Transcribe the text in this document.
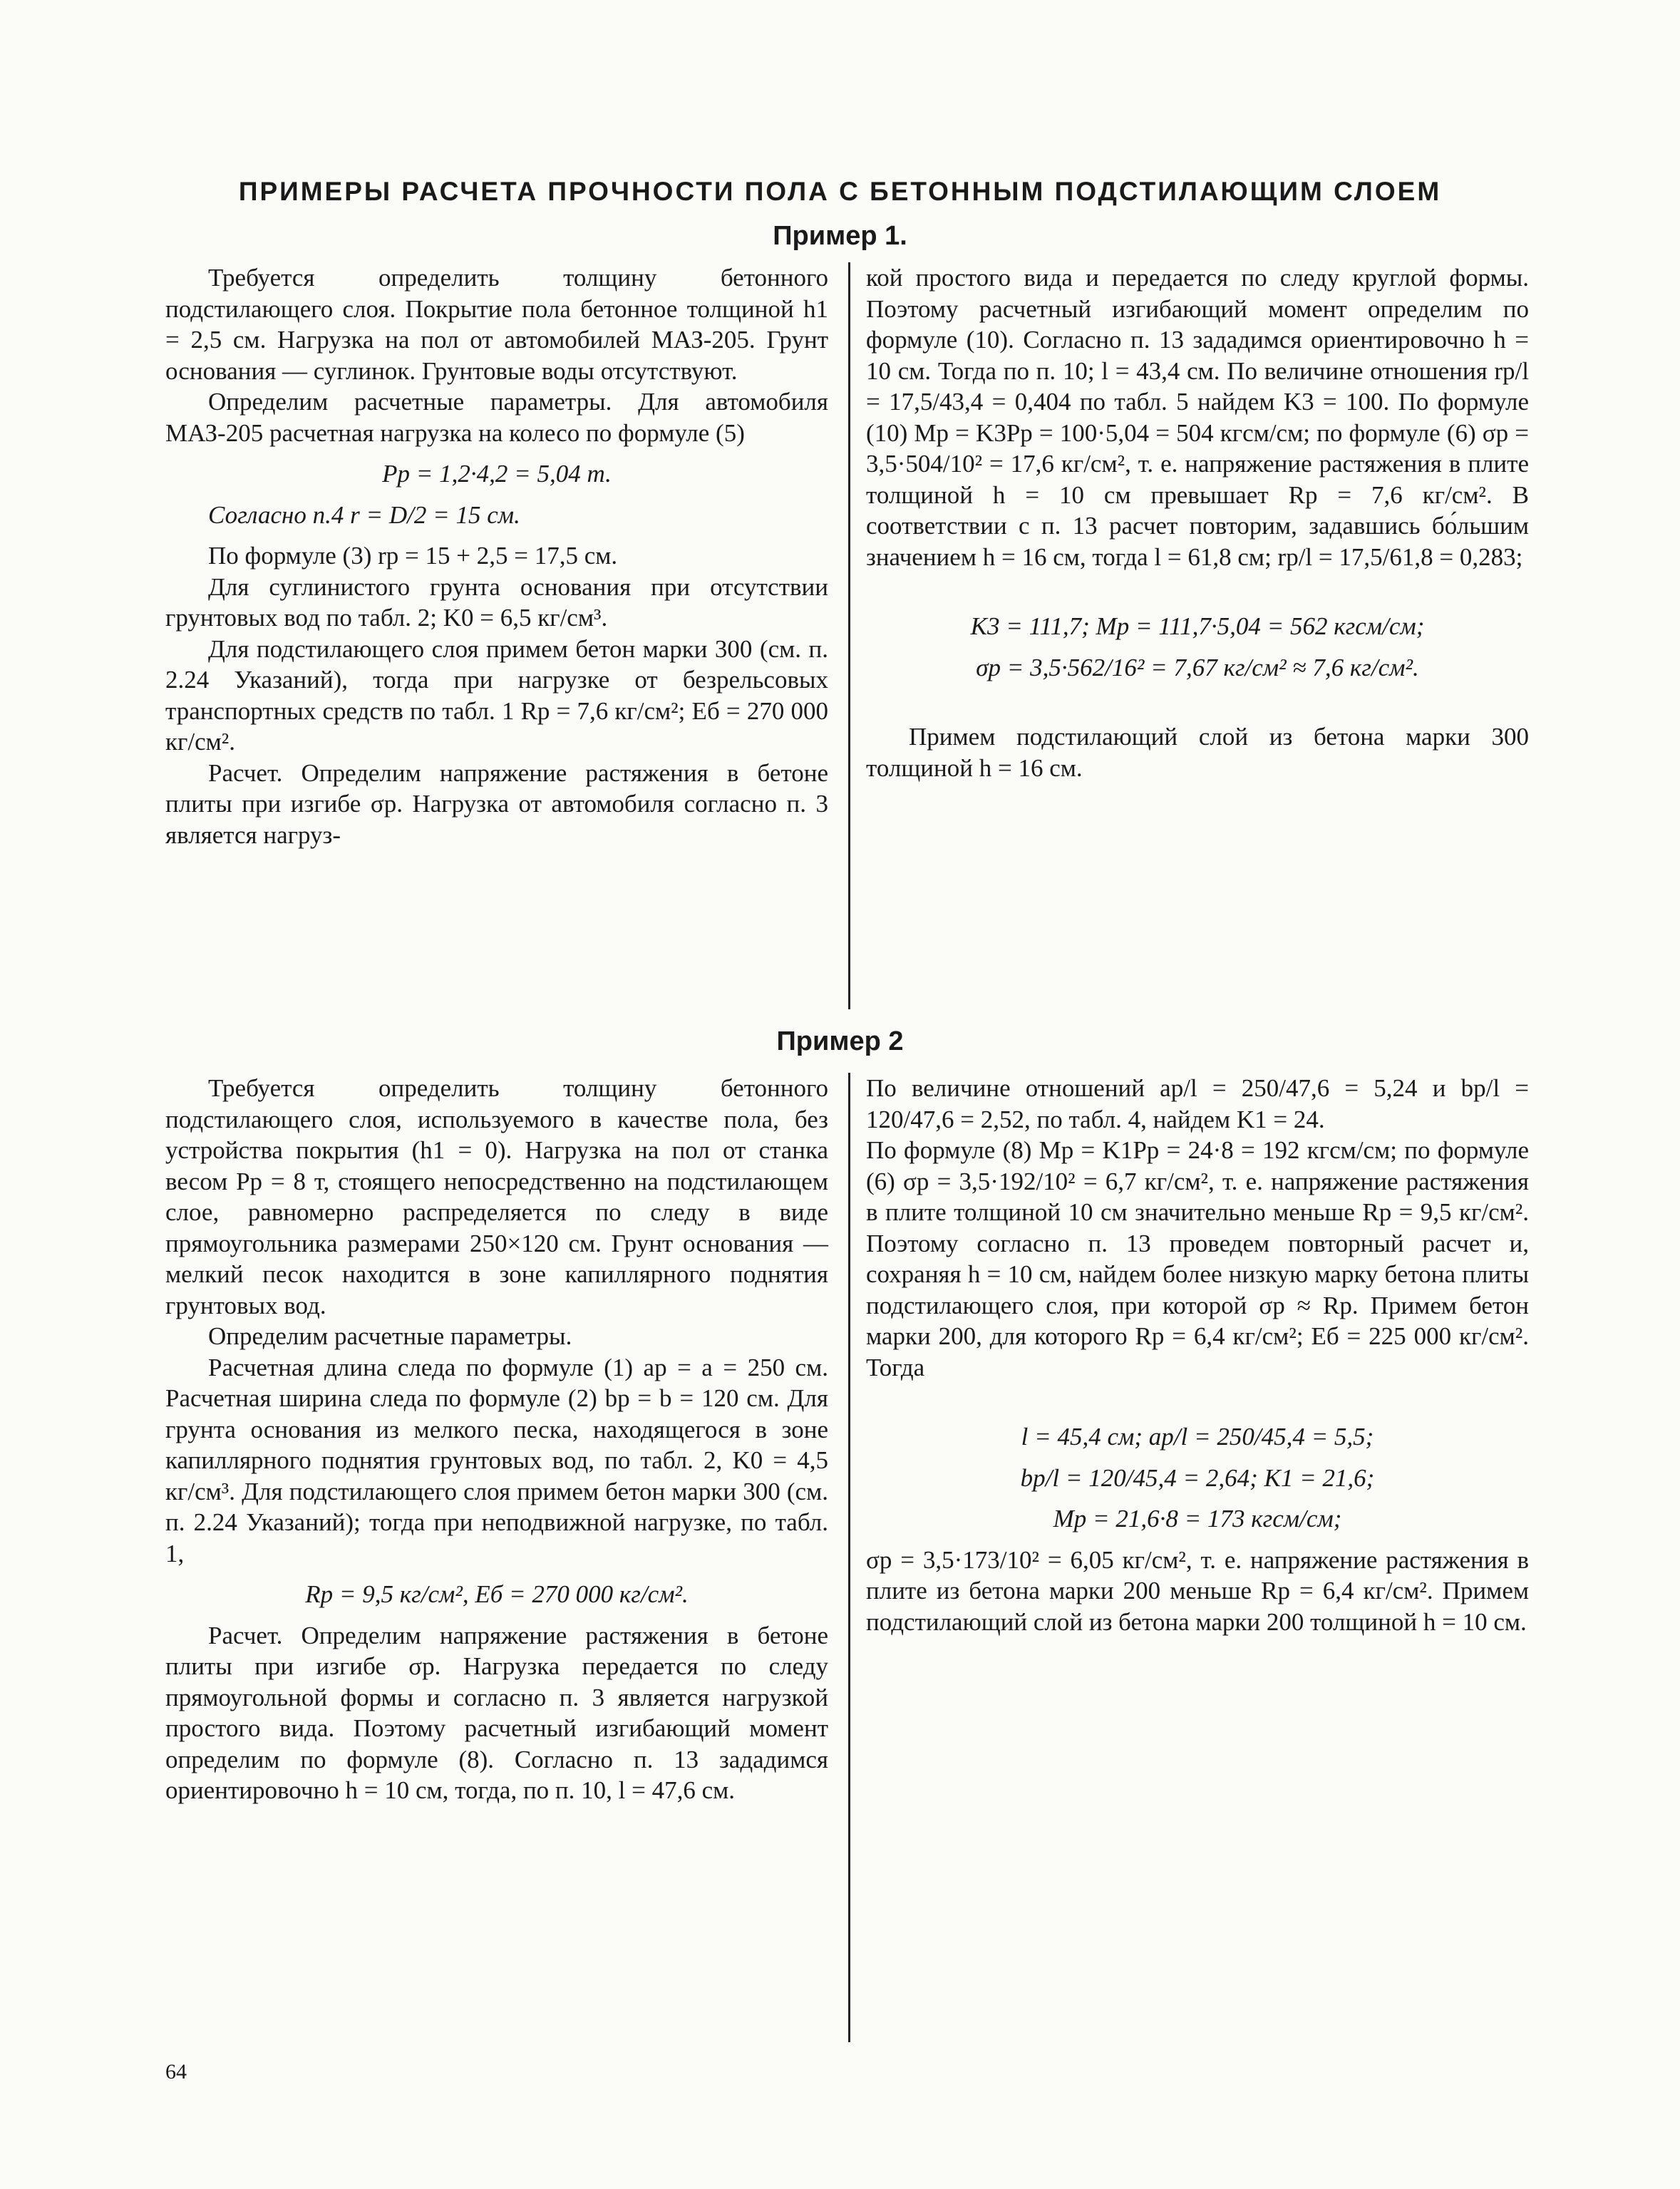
ПРИМЕРЫ РАСЧЕТА ПРОЧНОСТИ ПОЛА С БЕТОННЫМ ПОДСТИЛАЮЩИМ СЛОЕМ
Пример 1.

Требуется определить толщину бетонного подстилающего слоя. Покрытие пола бетонное толщиной h1 = 2,5 см. Нагрузка на пол от автомобилей МАЗ-205. Грунт основания — суглинок. Грунтовые воды отсутствуют.

Определим расчетные параметры. Для автомобиля МАЗ-205 расчетная нагрузка на колесо по формуле (5)

Pp = 1,2·4,2 = 5,04 т.

Согласно п.4 r = D/2 = 15 см.

По формуле (3) rp = 15 + 2,5 = 17,5 см.

Для суглинистого грунта основания при отсутствии грунтовых вод по табл. 2; K0 = 6,5 кг/см³.

Для подстилающего слоя примем бетон марки 300 (см. п. 2.24 Указаний), тогда при нагрузке от безрельсовых транспортных средств по табл. 1 Rp = 7,6 кг/см²; Eб = 270 000 кг/см².

Расчет. Определим напряжение растяжения в бетоне плиты при изгибе σp. Нагрузка от автомобиля согласно п. 3 является нагруз-

кой простого вида и передается по следу круглой формы. Поэтому расчетный изгибающий момент определим по формуле (10). Согласно п. 13 зададимся ориентировочно h = 10 см. Тогда по п. 10; l = 43,4 см. По величине отношения rp/l = 17,5/43,4 = 0,404 по табл. 5 найдем K3 = 100. По формуле (10) Mp = K3Pp = 100·5,04 = 504 кгсм/см; по формуле (6) σp = 3,5·504/10² = 17,6 кг/см², т. е. напряжение растяжения в плите толщиной h = 10 см превышает Rp = 7,6 кг/см². В соответствии с п. 13 расчет повторим, задавшись бо́льшим значением h = 16 см, тогда l = 61,8 см; rp/l = 17,5/61,8 = 0,283;

K3 = 111,7; Mp = 111,7·5,04 = 562 кгсм/см;

σp = 3,5·562/16² = 7,67 кг/см² ≈ 7,6 кг/см².

Примем подстилающий слой из бетона марки 300 толщиной h = 16 см.

Пример 2

Требуется определить толщину бетонного подстилающего слоя, используемого в качестве пола, без устройства покрытия (h1 = 0). Нагрузка на пол от станка весом Pp = 8 т, стоящего непосредственно на подстилающем слое, равномерно распределяется по следу в виде прямоугольника размерами 250×120 см. Грунт основания — мелкий песок находится в зоне капиллярного поднятия грунтовых вод.

Определим расчетные параметры.

Расчетная длина следа по формуле (1) ap = a = 250 см. Расчетная ширина следа по формуле (2) bp = b = 120 см. Для грунта основания из мелкого песка, находящегося в зоне капиллярного поднятия грунтовых вод, по табл. 2, K0 = 4,5 кг/см³. Для подстилающего слоя примем бетон марки 300 (см. п. 2.24 Указаний); тогда при неподвижной нагрузке, по табл. 1,

Rp = 9,5 кг/см², Eб = 270 000 кг/см².

Расчет. Определим напряжение растяжения в бетоне плиты при изгибе σp. Нагрузка передается по следу прямоугольной формы и согласно п. 3 является нагрузкой простого вида. Поэтому расчетный изгибающий момент определим по формуле (8). Согласно п. 13 зададимся ориентировочно h = 10 см, тогда, по п. 10, l = 47,6 см.

По величине отношений ap/l = 250/47,6 = 5,24 и bp/l = 120/47,6 = 2,52, по табл. 4, найдем K1 = 24.

По формуле (8) Mp = K1Pp = 24·8 = 192 кгсм/см; по формуле (6) σp = 3,5·192/10² = 6,7 кг/см², т. е. напряжение растяжения в плите толщиной 10 см значительно меньше Rp = 9,5 кг/см². Поэтому согласно п. 13 проведем повторный расчет и, сохраняя h = 10 см, найдем более низкую марку бетона плиты подстилающего слоя, при которой σp ≈ Rp. Примем бетон марки 200, для которого Rp = 6,4 кг/см²; Eб = 225 000 кг/см². Тогда

l = 45,4 см; ap/l = 250/45,4 = 5,5;

bp/l = 120/45,4 = 2,64; K1 = 21,6;

Mp = 21,6·8 = 173 кгсм/см;

σp = 3,5·173/10² = 6,05 кг/см², т. е. напряжение растяжения в плите из бетона марки 200 меньше Rp = 6,4 кг/см². Примем подстилающий слой из бетона марки 200 толщиной h = 10 см.

64
